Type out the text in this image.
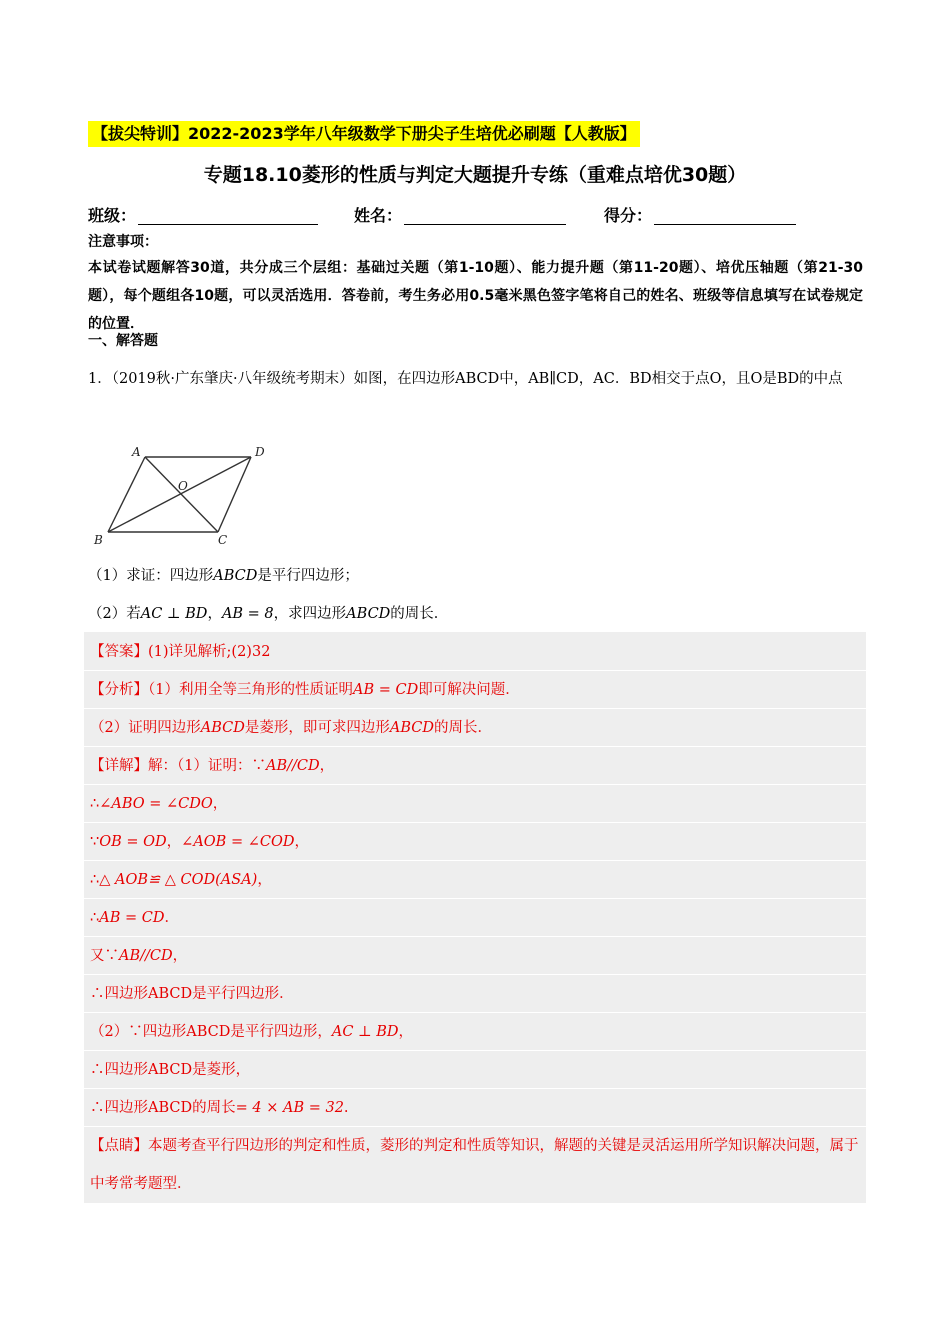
【拔尖特训】2022-2023学年八年级数学下册尖子生培优必刷题【人教版】
专题18.10菱形的性质与判定大题提升专练（重难点培优30题）
班级：	姓名：	得分：
注意事项：
本试卷试题解答30道，共分成三个层组：基础过关题（第1-10题）、能力提升题（第11-20题）、培优压轴题（第21-30题），每个题组各10题，可以灵活选用．答卷前，考生务必用0.5毫米黑色签字笔将自己的姓名、班级等信息填写在试卷规定的位置．
一、解答题
1．（2019秋·广东肇庆·八年级统考期末）如图，在四边形ABCD中，AB∥CD，AC．BD相交于点O，且O是BD的中点
A	D
O
B	C
（1）求证：四边形ABCD是平行四边形；
（2）若AC ⊥ BD，AB = 8，求四边形ABCD的周长．
【答案】(1)详见解析;(2)32
【分析】（1）利用全等三角形的性质证明AB = CD即可解决问题．
（2）证明四边形ABCD是菱形，即可求四边形ABCD的周长．
【详解】解：（1）证明：∵AB//CD，
∴∠ABO = ∠CDO，
∵OB = OD，∠AOB = ∠COD，
∴△ AOB≌ △ COD(ASA)，
∴AB = CD．
又∵AB//CD，
∴四边形ABCD是平行四边形．
（2）∵四边形ABCD是平行四边形，AC ⊥ BD，
∴四边形ABCD是菱形，
∴四边形ABCD的周长= 4 × AB = 32.
【点睛】本题考查平行四边形的判定和性质，菱形的判定和性质等知识，解题的关键是灵活运用所学知识解决问题，属于中考常考题型．
